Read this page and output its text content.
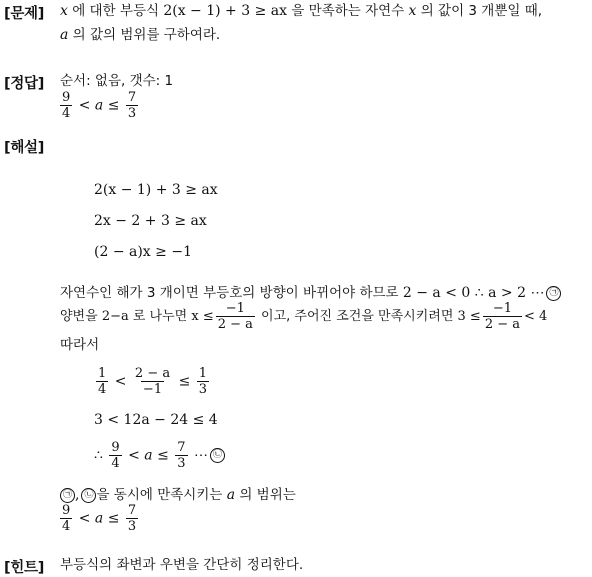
[문제]
[정답]
[해설]
[힌트]
x 에 대한 부등식 2(x − 1) + 3 ≥ ax 을 만족하는 자연수 x 의 값이 3 개뿐일 때,
a 의 값의 범위를 구하여라.
순서: 없음, 갯수: 1
$\frac{9}{4} < a \le \frac{7}{3}$
2(x − 1) + 3 ≥ ax
2x − 2 + 3 ≥ ax
(2 − a)x ≥ −1
자연수인 해가 3 개이면 부등호의 방향이 바뀌어야 하므로 2 − a < 0 ∴ a > 2 ⋯ ㉠
양변을 2−a 로 나누면 $x \le \frac{-1}{2 - a}$ 이고, 주어진 조건을 만족시키려면 $3 \le \frac{-1}{2 - a} < 4$
따라서
$\frac{1}{4} < \frac{2 - a}{-1} \le \frac{1}{3}$
3 < 12a − 24 ≤ 4
∴ $\frac{9}{4} < a \le \frac{7}{3}$ ⋯ ㉡
㉠ , ㉡ 을 동시에 만족시키는 a 의 범위는
$\frac{9}{4} < a \le \frac{7}{3}$
부등식의 좌변과 우변을 간단히 정리한다.
